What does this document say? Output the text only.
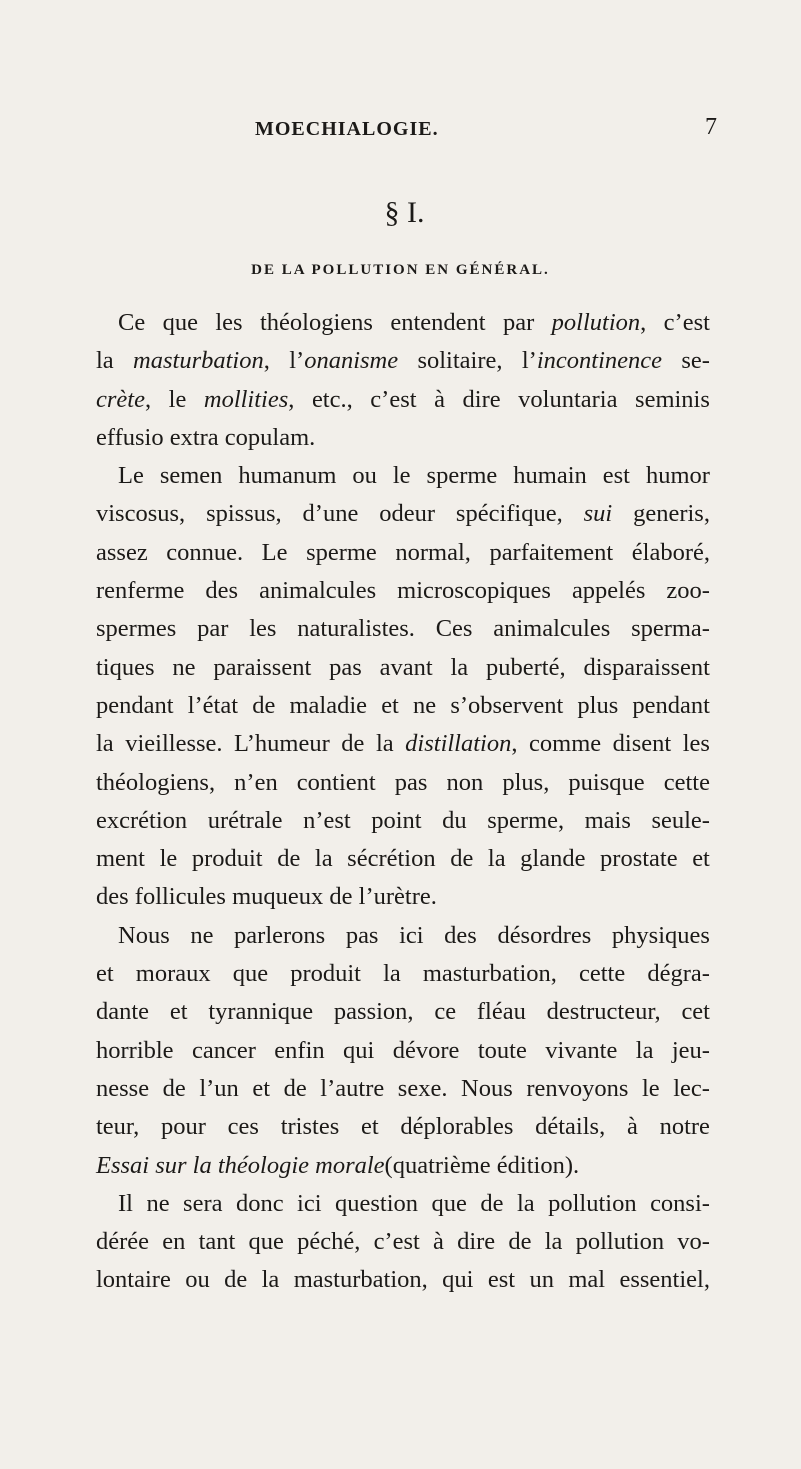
MOECHIALOGIE.	7
§ I.
DE LA POLLUTION EN GÉNÉRAL.
Ce que les théologiens entendent par pollution, c’est
la masturbation, l’onanisme solitaire, l’incontinence se-
crète, le mollities, etc., c’est à dire voluntaria seminis
effusio extra copulam.
Le semen humanum ou le sperme humain est humor
viscosus, spissus, d’une odeur spécifique, sui generis,
assez connue. Le sperme normal, parfaitement élaboré,
renferme des animalcules microscopiques appelés zoo-
spermes par les naturalistes. Ces animalcules sperma-
tiques ne paraissent pas avant la puberté, disparaissent
pendant l’état de maladie et ne s’observent plus pendant
la vieillesse. L’humeur de la distillation, comme disent les
théologiens, n’en contient pas non plus, puisque cette
excrétion urétrale n’est point du sperme, mais seule-
ment le produit de la sécrétion de la glande prostate et
des follicules muqueux de l’urètre.
Nous ne parlerons pas ici des désordres physiques
et moraux que produit la masturbation, cette dégra-
dante et tyrannique passion, ce fléau destructeur, cet
horrible cancer enfin qui dévore toute vivante la jeu-
nesse de l’un et de l’autre sexe. Nous renvoyons le lec-
teur, pour ces tristes et déplorables détails, à notre
Essai sur la théologie morale (quatrième édition).
Il ne sera donc ici question que de la pollution consi-
dérée en tant que péché, c’est à dire de la pollution vo-
lontaire ou de la masturbation, qui est un mal essentiel,
